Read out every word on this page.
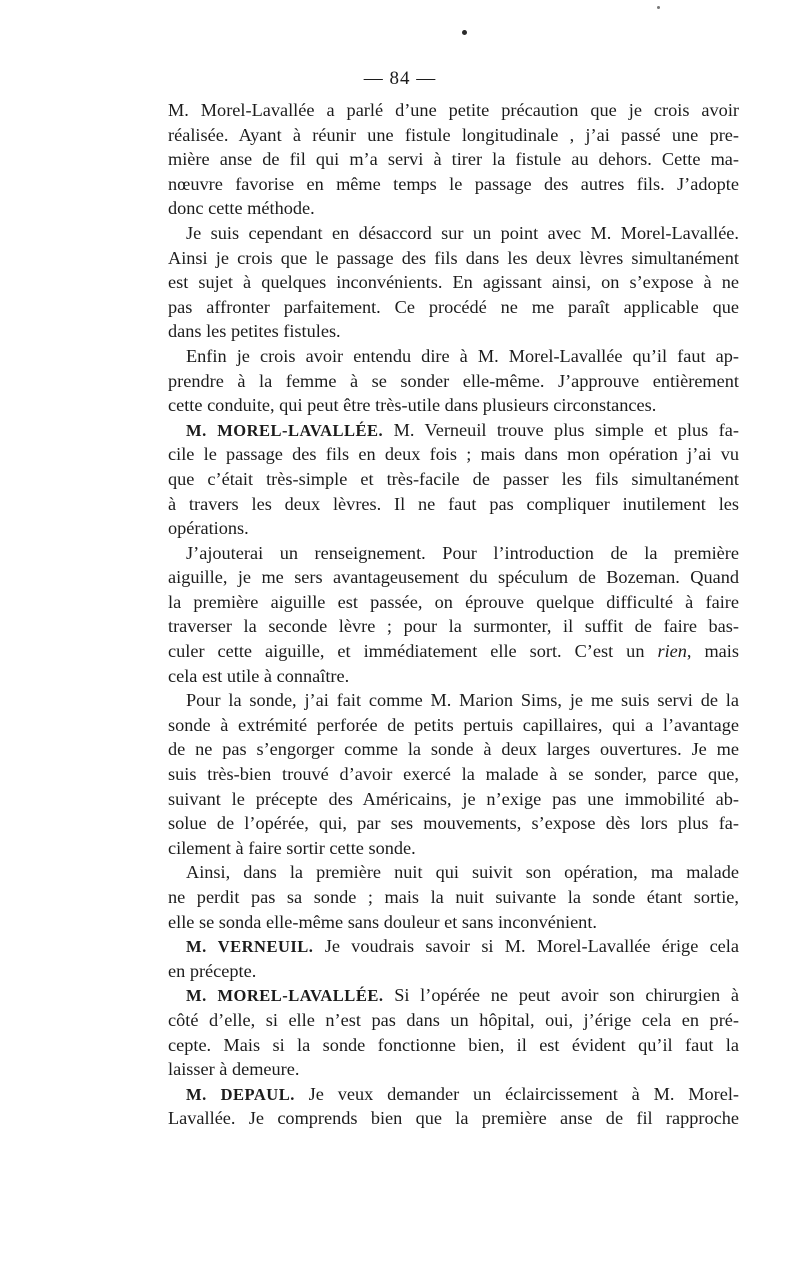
— 84 —
M. Morel-Lavallée a parlé d’une petite précaution que je crois avoir
réalisée. Ayant à réunir une fistule longitudinale , j’ai passé une pre-
mière anse de fil qui m’a servi à tirer la fistule au dehors. Cette ma-
nœuvre favorise en même temps le passage des autres fils. J’adopte
donc cette méthode.
Je suis cependant en désaccord sur un point avec M. Morel-Lavallée.
Ainsi je crois que le passage des fils dans les deux lèvres simultanément
est sujet à quelques inconvénients. En agissant ainsi, on s’expose à ne
pas affronter parfaitement. Ce procédé ne me paraît applicable que
dans les petites fistules.
Enfin je crois avoir entendu dire à M. Morel-Lavallée qu’il faut ap-
prendre à la femme à se sonder elle-même. J’approuve entièrement
cette conduite, qui peut être très-utile dans plusieurs circonstances.
M. MOREL-LAVALLÉE. M. Verneuil trouve plus simple et plus fa-
cile le passage des fils en deux fois ; mais dans mon opération j’ai vu
que c’était très-simple et très-facile de passer les fils simultanément
à travers les deux lèvres. Il ne faut pas compliquer inutilement les
opérations.
J’ajouterai un renseignement. Pour l’introduction de la première
aiguille, je me sers avantageusement du spéculum de Bozeman. Quand
la première aiguille est passée, on éprouve quelque difficulté à faire
traverser la seconde lèvre ; pour la surmonter, il suffit de faire bas-
culer cette aiguille, et immédiatement elle sort. C’est un rien, mais
cela est utile à connaître.
Pour la sonde, j’ai fait comme M. Marion Sims, je me suis servi de la
sonde à extrémité perforée de petits pertuis capillaires, qui a l’avantage
de ne pas s’engorger comme la sonde à deux larges ouvertures. Je me
suis très-bien trouvé d’avoir exercé la malade à se sonder, parce que,
suivant le précepte des Américains, je n’exige pas une immobilité ab-
solue de l’opérée, qui, par ses mouvements, s’expose dès lors plus fa-
cilement à faire sortir cette sonde.
Ainsi, dans la première nuit qui suivit son opération, ma malade
ne perdit pas sa sonde ; mais la nuit suivante la sonde étant sortie,
elle se sonda elle-même sans douleur et sans inconvénient.
M. VERNEUIL. Je voudrais savoir si M. Morel-Lavallée érige cela
en précepte.
M. MOREL-LAVALLÉE. Si l’opérée ne peut avoir son chirurgien à
côté d’elle, si elle n’est pas dans un hôpital, oui, j’érige cela en pré-
cepte. Mais si la sonde fonctionne bien, il est évident qu’il faut la
laisser à demeure.
M. DEPAUL. Je veux demander un éclaircissement à M. Morel-
Lavallée. Je comprends bien que la première anse de fil rapproche
